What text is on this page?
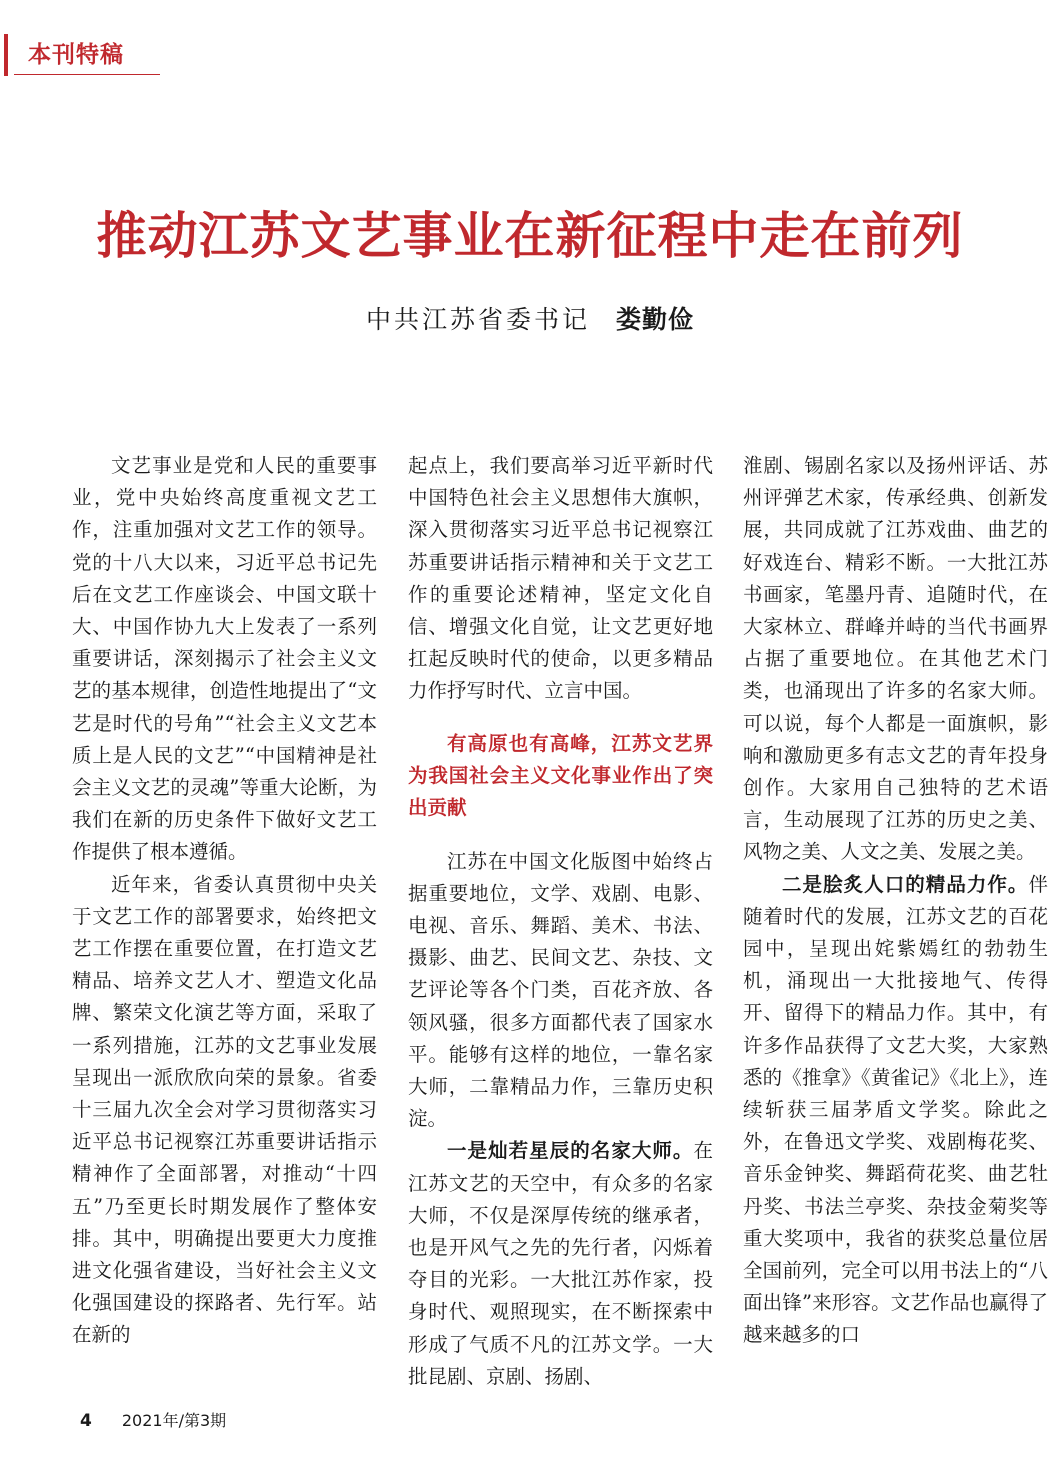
本刊特稿
推动江苏文艺事业在新征程中走在前列
中共江苏省委书记 娄勤俭

文艺事业是党和人民的重要事业，党中央始终高度重视文艺工作，注重加强对文艺工作的领导。党的十八大以来，习近平总书记先后在文艺工作座谈会、中国文联十大、中国作协九大上发表了一系列重要讲话，深刻揭示了社会主义文艺的基本规律，创造性地提出了“文艺是时代的号角”“社会主义文艺本质上是人民的文艺”“中国精神是社会主义文艺的灵魂”等重大论断，为我们在新的历史条件下做好文艺工作提供了根本遵循。

近年来，省委认真贯彻中央关于文艺工作的部署要求，始终把文艺工作摆在重要位置，在打造文艺精品、培养文艺人才、塑造文化品牌、繁荣文化演艺等方面，采取了一系列措施，江苏的文艺事业发展呈现出一派欣欣向荣的景象。省委十三届九次全会对学习贯彻落实习近平总书记视察江苏重要讲话指示精神作了全面部署，对推动“十四五”乃至更长时期发展作了整体安排。其中，明确提出要更大力度推进文化强省建设，当好社会主义文化强国建设的探路者、先行军。站在新的

起点上，我们要高举习近平新时代中国特色社会主义思想伟大旗帜，深入贯彻落实习近平总书记视察江苏重要讲话指示精神和关于文艺工作的重要论述精神，坚定文化自信、增强文化自觉，让文艺更好地扛起反映时代的使命，以更多精品力作抒写时代、立言中国。

有高原也有高峰，江苏文艺界为我国社会主义文化事业作出了突出贡献

江苏在中国文化版图中始终占据重要地位，文学、戏剧、电影、电视、音乐、舞蹈、美术、书法、摄影、曲艺、民间文艺、杂技、文艺评论等各个门类，百花齐放、各领风骚，很多方面都代表了国家水平。能够有这样的地位，一靠名家大师，二靠精品力作，三靠历史积淀。

一是灿若星辰的名家大师。在江苏文艺的天空中，有众多的名家大师，不仅是深厚传统的继承者，也是开风气之先的先行者，闪烁着夺目的光彩。一大批江苏作家，投身时代、观照现实，在不断探索中形成了气质不凡的江苏文学。一大批昆剧、京剧、扬剧、

淮剧、锡剧名家以及扬州评话、苏州评弹艺术家，传承经典、创新发展，共同成就了江苏戏曲、曲艺的好戏连台、精彩不断。一大批江苏书画家，笔墨丹青、追随时代，在大家林立、群峰并峙的当代书画界占据了重要地位。在其他艺术门类，也涌现出了许多的名家大师。可以说，每个人都是一面旗帜，影响和激励更多有志文艺的青年投身创作。大家用自己独特的艺术语言，生动展现了江苏的历史之美、风物之美、人文之美、发展之美。

二是脍炙人口的精品力作。伴随着时代的发展，江苏文艺的百花园中，呈现出姹紫嫣红的勃勃生机，涌现出一大批接地气、传得开、留得下的精品力作。其中，有许多作品获得了文艺大奖，大家熟悉的《推拿》《黄雀记》《北上》，连续斩获三届茅盾文学奖。除此之外，在鲁迅文学奖、戏剧梅花奖、音乐金钟奖、舞蹈荷花奖、曲艺牡丹奖、书法兰亭奖、杂技金菊奖等重大奖项中，我省的获奖总量位居全国前列，完全可以用书法上的“八面出锋”来形容。文艺作品也赢得了越来越多的口

4 2021年/第3期
